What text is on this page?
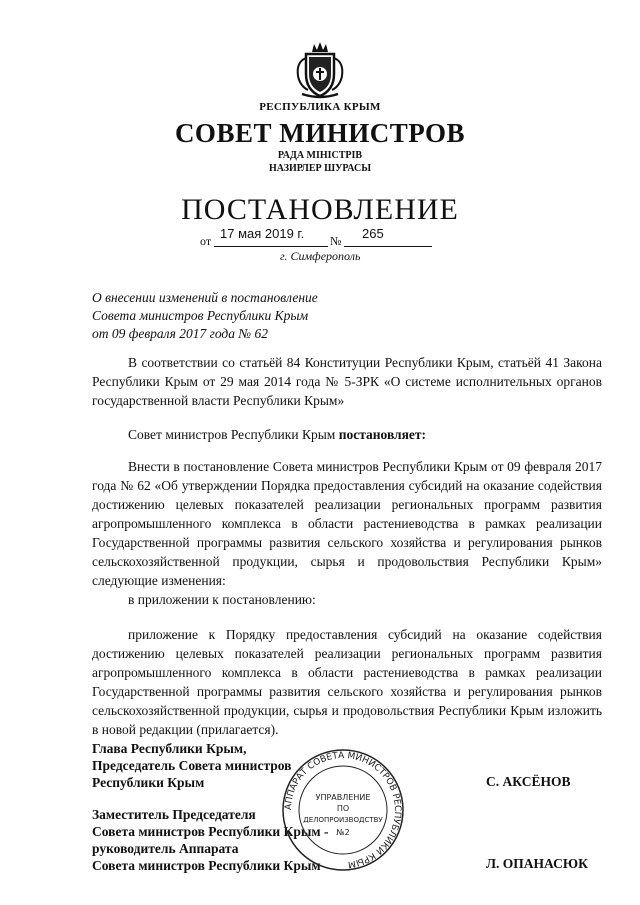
РЕСПУБЛИКА КРЫМ
СОВЕТ МИНИСТРОВ
РАДА МІНІСТРІВ
НАЗИРЛЕР ШУРАСЫ
ПОСТАНОВЛЕНИЕ
от 17 мая 2019 г. № 265
г. Симферополь
О внесении изменений в постановление
Совета министров Республики Крым
от 09 февраля 2017 года № 62
В соответствии со статьёй 84 Конституции Республики Крым, статьёй 41 Закона Республики Крым от 29 мая 2014 года № 5-ЗРК «О системе исполнительных органов государственной власти Республики Крым»
Совет министров Республики Крым постановляет:
Внести в постановление Совета министров Республики Крым от 09 февраля 2017 года № 62 «Об утверждении Порядка предоставления субсидий на оказание содействия достижению целевых показателей реализации региональных программ развития агропромышленного комплекса в области растениеводства в рамках реализации Государственной программы развития сельского хозяйства и регулирования рынков сельскохозяйственной продукции, сырья и продовольствия Республики Крым» следующие изменения:
в приложении к постановлению:
приложение к Порядку предоставления субсидий на оказание содействия достижению целевых показателей реализации региональных программ развития агропромышленного комплекса в области растениеводства в рамках реализации Государственной программы развития сельского хозяйства и регулирования рынков сельскохозяйственной продукции, сырья и продовольствия Республики Крым изложить в новой редакции (прилагается).
Глава Республики Крым,
Председатель Совета министров
Республики Крым	С. АКСЁНОВ
Заместитель Председателя
Совета министров Республики Крым -
руководитель Аппарата
Совета министров Республики Крым	Л. ОПАНАСЮК
АППАРАТ СОВЕТА МИНИСТРОВ РЕСПУБЛИКИ КРЫМ
УПРАВЛЕНИЕ
ПО
ДЕЛОПРОИЗВОДСТВУ
№2
